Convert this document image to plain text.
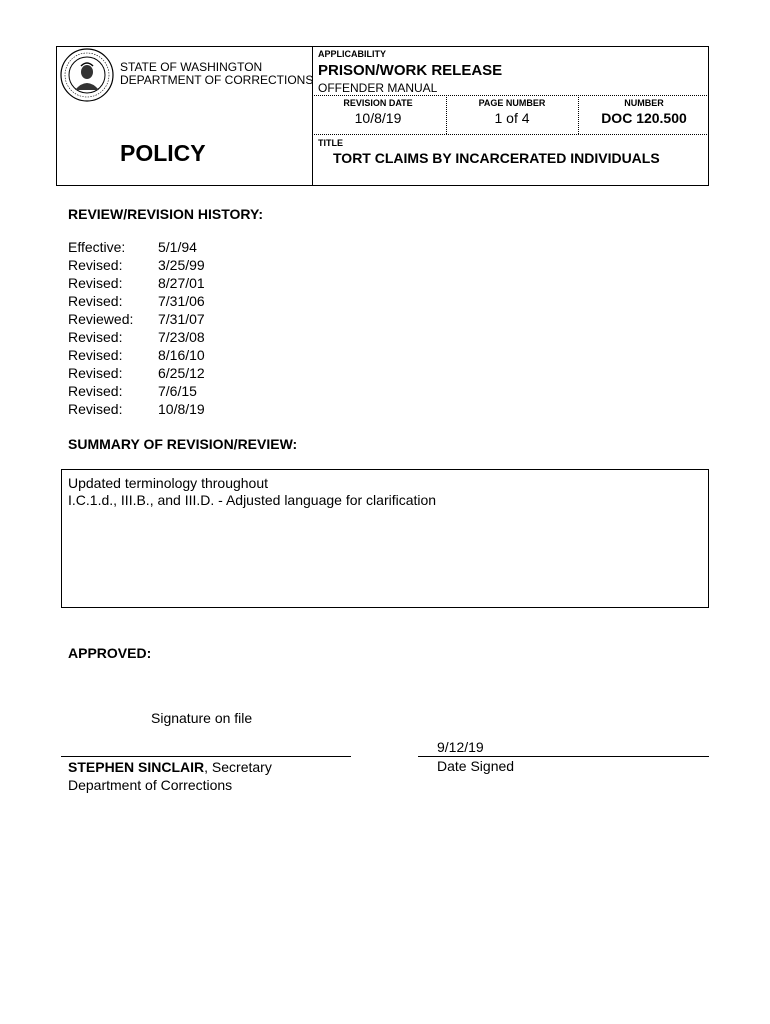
STATE OF WASHINGTON
DEPARTMENT OF CORRECTIONS
POLICY
APPLICABILITY
PRISON/WORK RELEASE
OFFENDER MANUAL
REVISION DATE	PAGE NUMBER	NUMBER
10/8/19	1 of 4	DOC 120.500
TITLE
TORT CLAIMS BY INCARCERATED INDIVIDUALS
REVIEW/REVISION HISTORY:
Effective:	5/1/94
Revised:	3/25/99
Revised:	8/27/01
Revised:	7/31/06
Reviewed:	7/31/07
Revised:	7/23/08
Revised:	8/16/10
Revised:	6/25/12
Revised:	7/6/15
Revised:	10/8/19
SUMMARY OF REVISION/REVIEW:
Updated terminology throughout
I.C.1.d., III.B., and III.D. - Adjusted language for clarification
APPROVED:
Signature on file
9/12/19
STEPHEN SINCLAIR, Secretary
Department of Corrections
Date Signed
